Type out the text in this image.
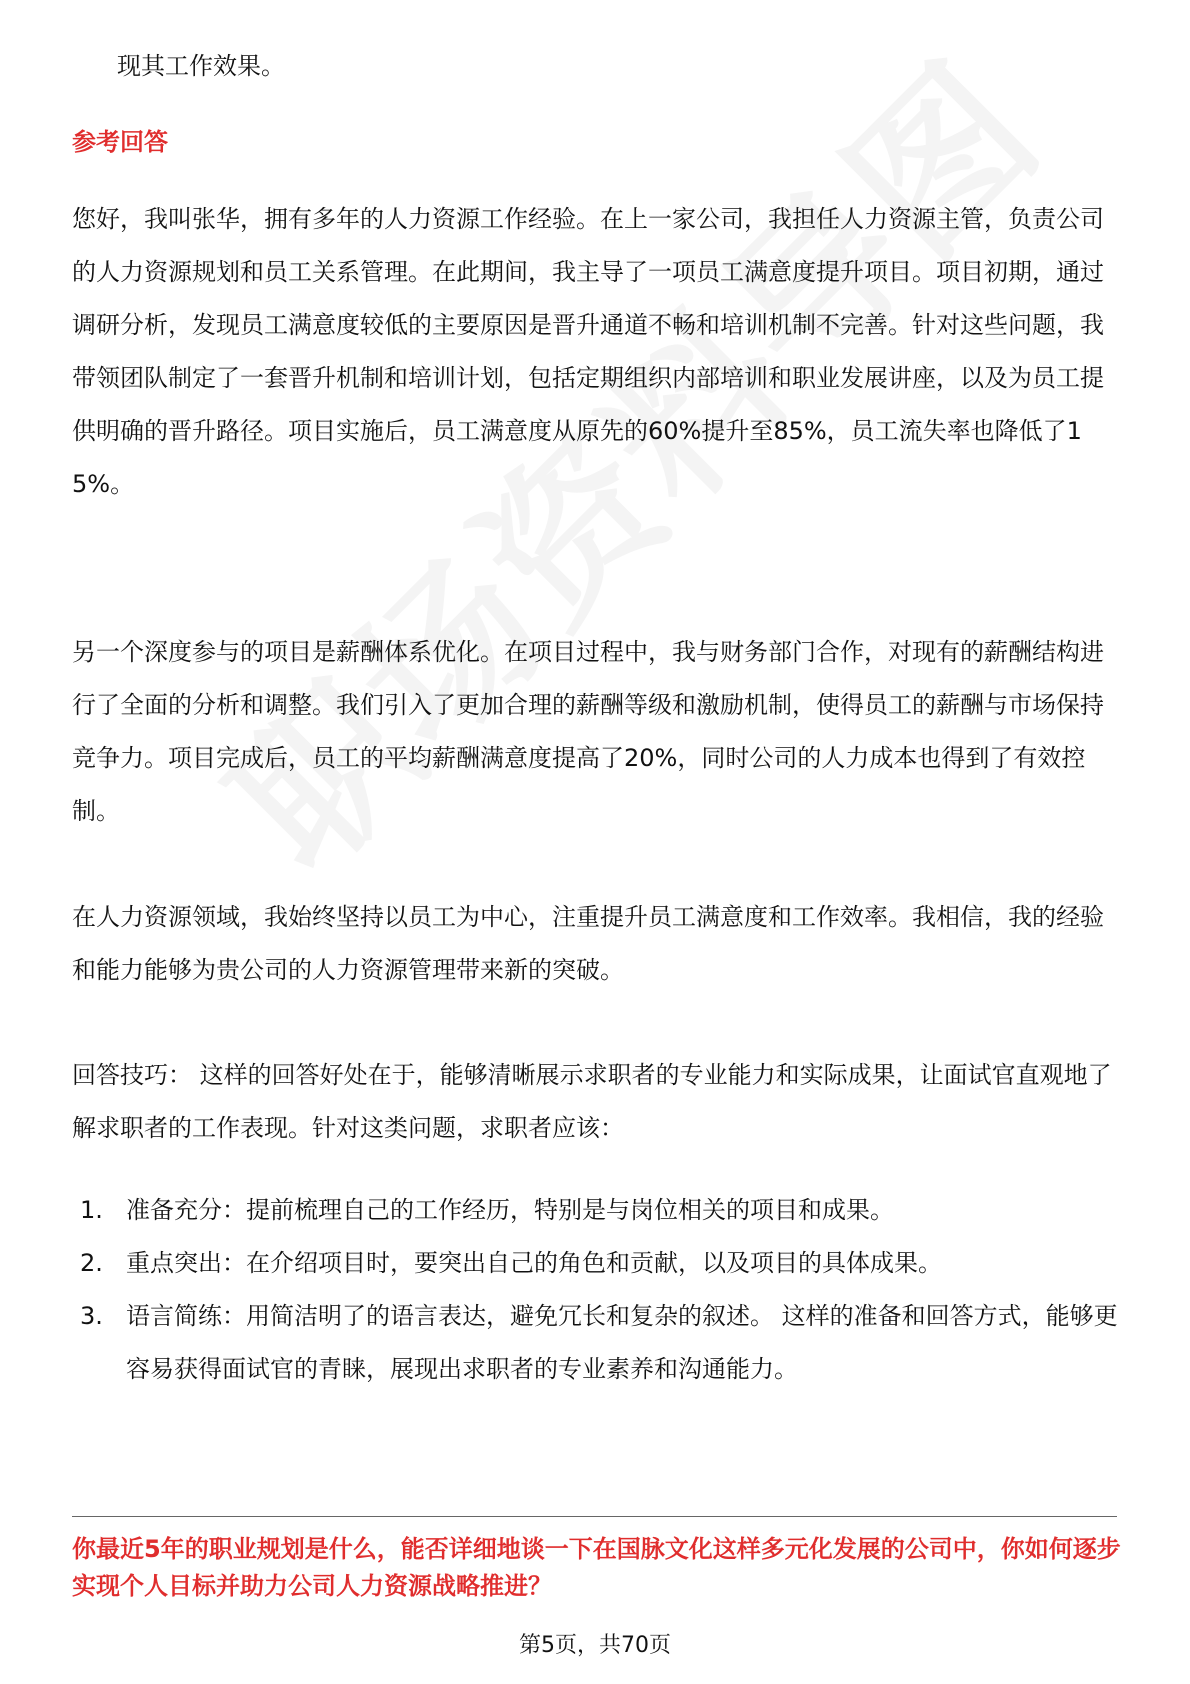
现其工作效果。
参考回答

您好，我叫张华，拥有多年的人力资源工作经验。在上一家公司，我担任人力资源主管，负责公司的人力资源规划和员工关系管理。在此期间，我主导了一项员工满意度提升项目。项目初期，通过调研分析，发现员工满意度较低的主要原因是晋升通道不畅和培训机制不完善。针对这些问题，我带领团队制定了一套晋升机制和培训计划，包括定期组织内部培训和职业发展讲座，以及为员工提供明确的晋升路径。项目实施后，员工满意度从原先的60%提升至85%，员工流失率也降低了15%。

另一个深度参与的项目是薪酬体系优化。在项目过程中，我与财务部门合作，对现有的薪酬结构进行了全面的分析和调整。我们引入了更加合理的薪酬等级和激励机制，使得员工的薪酬与市场保持竞争力。项目完成后，员工的平均薪酬满意度提高了20%，同时公司的人力成本也得到了有效控制。

在人力资源领域，我始终坚持以员工为中心，注重提升员工满意度和工作效率。我相信，我的经验和能力能够为贵公司的人力资源管理带来新的突破。

回答技巧： 这样的回答好处在于，能够清晰展示求职者的专业能力和实际成果，让面试官直观地了解求职者的工作表现。针对这类问题，求职者应该：

1. 准备充分：提前梳理自己的工作经历，特别是与岗位相关的项目和成果。
2. 重点突出：在介绍项目时，要突出自己的角色和贡献，以及项目的具体成果。
3. 语言简练：用简洁明了的语言表达，避免冗长和复杂的叙述。 这样的准备和回答方式，能够更容易获得面试官的青睐，展现出求职者的专业素养和沟通能力。
你最近5年的职业规划是什么，能否详细地谈一下在国脉文化这样多元化发展的公司中，你如何逐步实现个人目标并助力公司人力资源战略推进？
第5页，共70页
